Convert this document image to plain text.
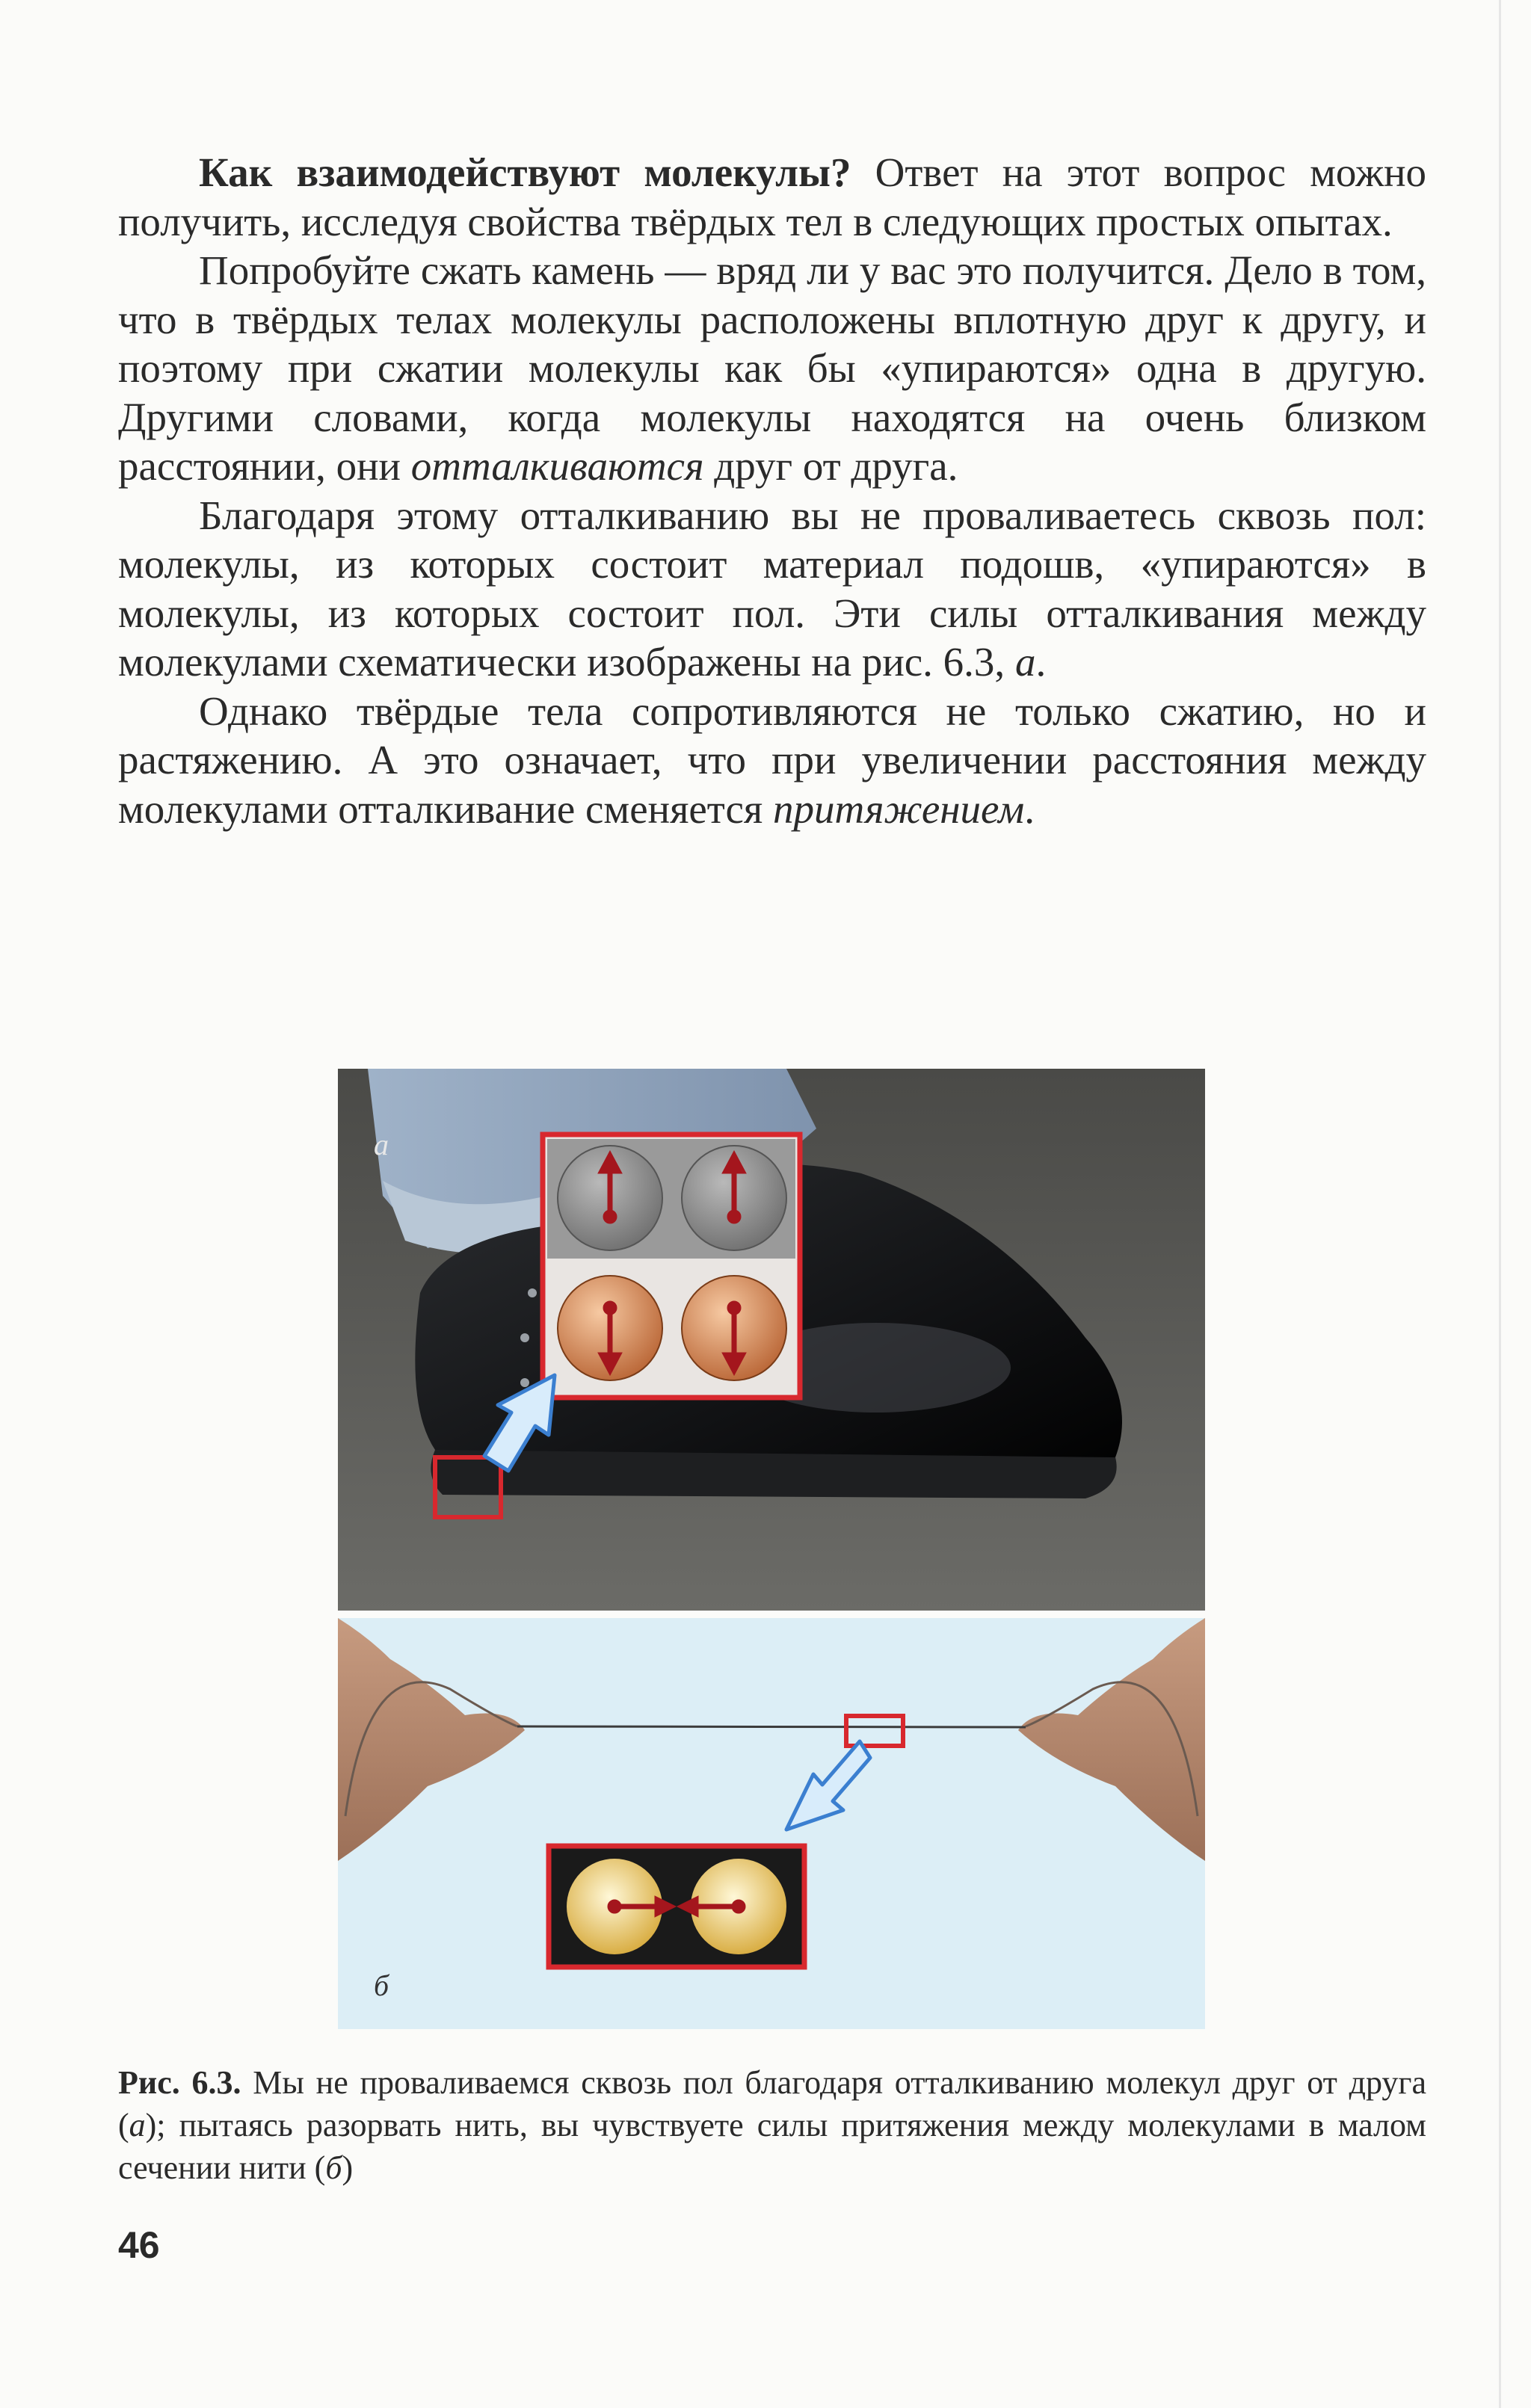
Как взаимодействуют молекулы? Ответ на этот вопрос можно получить, исследуя свойства твёрдых тел в следующих простых опытах.

Попробуйте сжать камень — вряд ли у вас это получится. Дело в том, что в твёрдых телах молекулы расположены вплотную друг к другу, и поэтому при сжатии молекулы как бы «упираются» одна в другую. Другими словами, когда молекулы находятся на очень близком расстоянии, они отталкиваются друг от друга.

Благодаря этому отталкиванию вы не проваливаетесь сквозь пол: молекулы, из которых состоит материал подошв, «упираются» в молекулы, из которых состоит пол. Эти силы отталкивания между молекулами схематически изображены на рис. 6.3, а.

Однако твёрдые тела сопротивляются не только сжатию, но и растяжению. А это означает, что при увеличении расстояния между молекулами отталкивание сменяется притяжением.

а
б
Рис. 6.3. Мы не проваливаемся сквозь пол благодаря отталкиванию молекул друг от друга (а); пытаясь разорвать нить, вы чувствуете силы притяжения между молекулами в малом сечении нити (б)
46
